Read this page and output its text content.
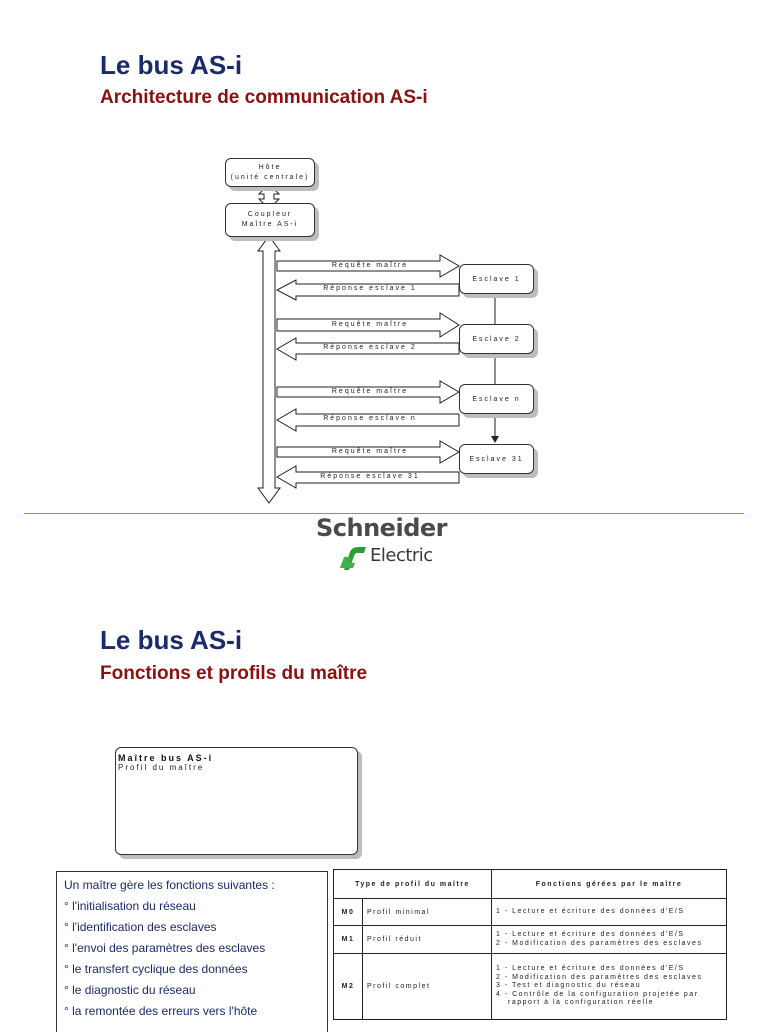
Le bus AS-i
Architecture de communication AS-i
Hôte
(unité centrale)
Coupleur
Maître AS-i
Esclave 1
Esclave 2
Esclave n
Esclave 31
Requête maître
Réponse esclave 1
Requête maître
Réponse esclave 2
Requête maître
Réponse esclave n
Requête maître
Réponse esclave 31
Schneider
Electric
Le bus AS-i
Fonctions et profils du maître
Maître bus AS-i
Profil du maître
Un maître gère les fonctions suivantes :
° l'initialisation du réseau
° l'identification des esclaves
° l'envoi des paramètres des esclaves
° le transfert cyclique des données
° le diagnostic du réseau
° la remontée des erreurs vers l'hôte
Type de profil du maître		Fonctions gérées par le maître
M0	Profil minimal	1 - Lecture et écriture des données d'E/S

M1	Profil réduit	1 - Lecture et écriture des données d'E/S
2 - Modification des paramètres des esclaves

M2	Profil complet	1 - Lecture et écriture des données d'E/S
2 - Modification des paramètres des esclaves
3 - Test et diagnostic du réseau
4 - Contrôle de la configuration projetée par
rapport à la configuration réelle
